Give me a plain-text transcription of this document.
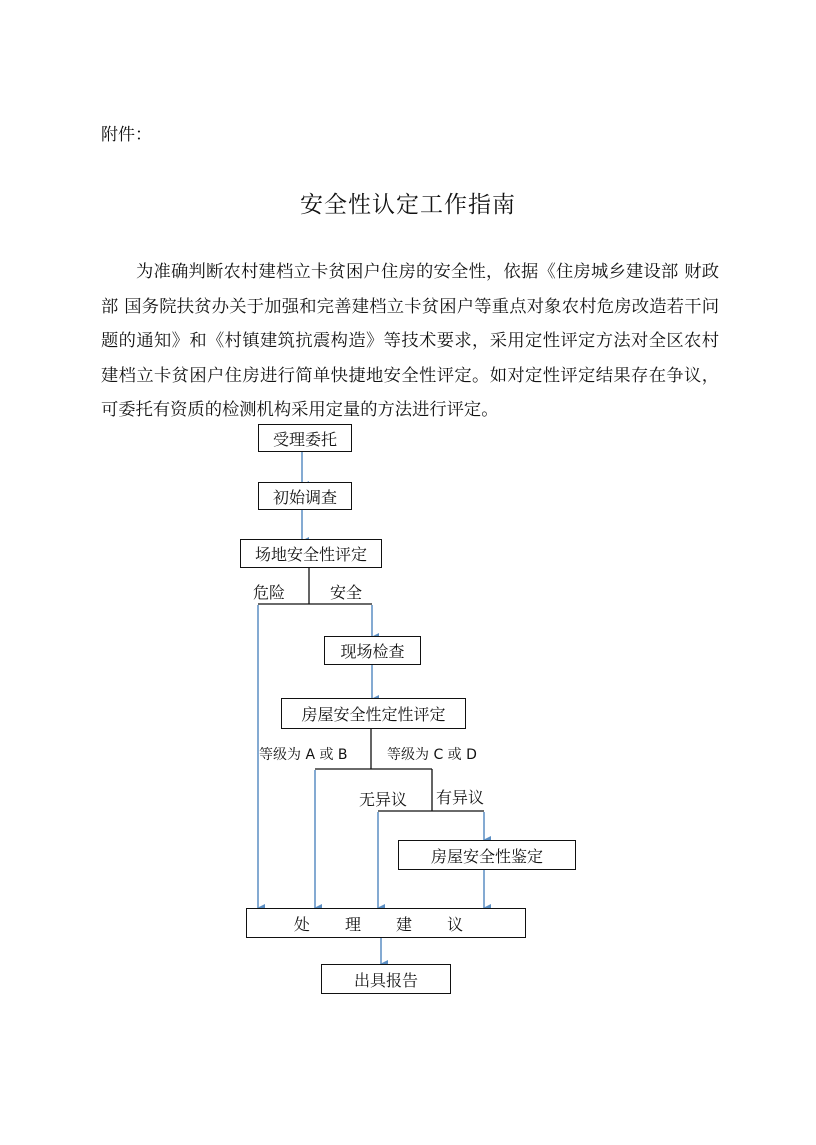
附件：
安全性认定工作指南
为准确判断农村建档立卡贫困户住房的安全性，依据《住房城乡建设部 财政部 国务院扶贫办关于加强和完善建档立卡贫困户等重点对象农村危房改造若干问题的通知》和《村镇建筑抗震构造》等技术要求，采用定性评定方法对全区农村建档立卡贫困户住房进行简单快捷地安全性评定。如对定性评定结果存在争议，可委托有资质的检测机构采用定量的方法进行评定。
受理委托
初始调查
场地安全性评定
现场检查
房屋安全性定性评定
房屋安全性鉴定
处 理 建 议
出具报告
危险	安全
等级为 A 或 B	等级为 C 或 D
无异议 有异议
